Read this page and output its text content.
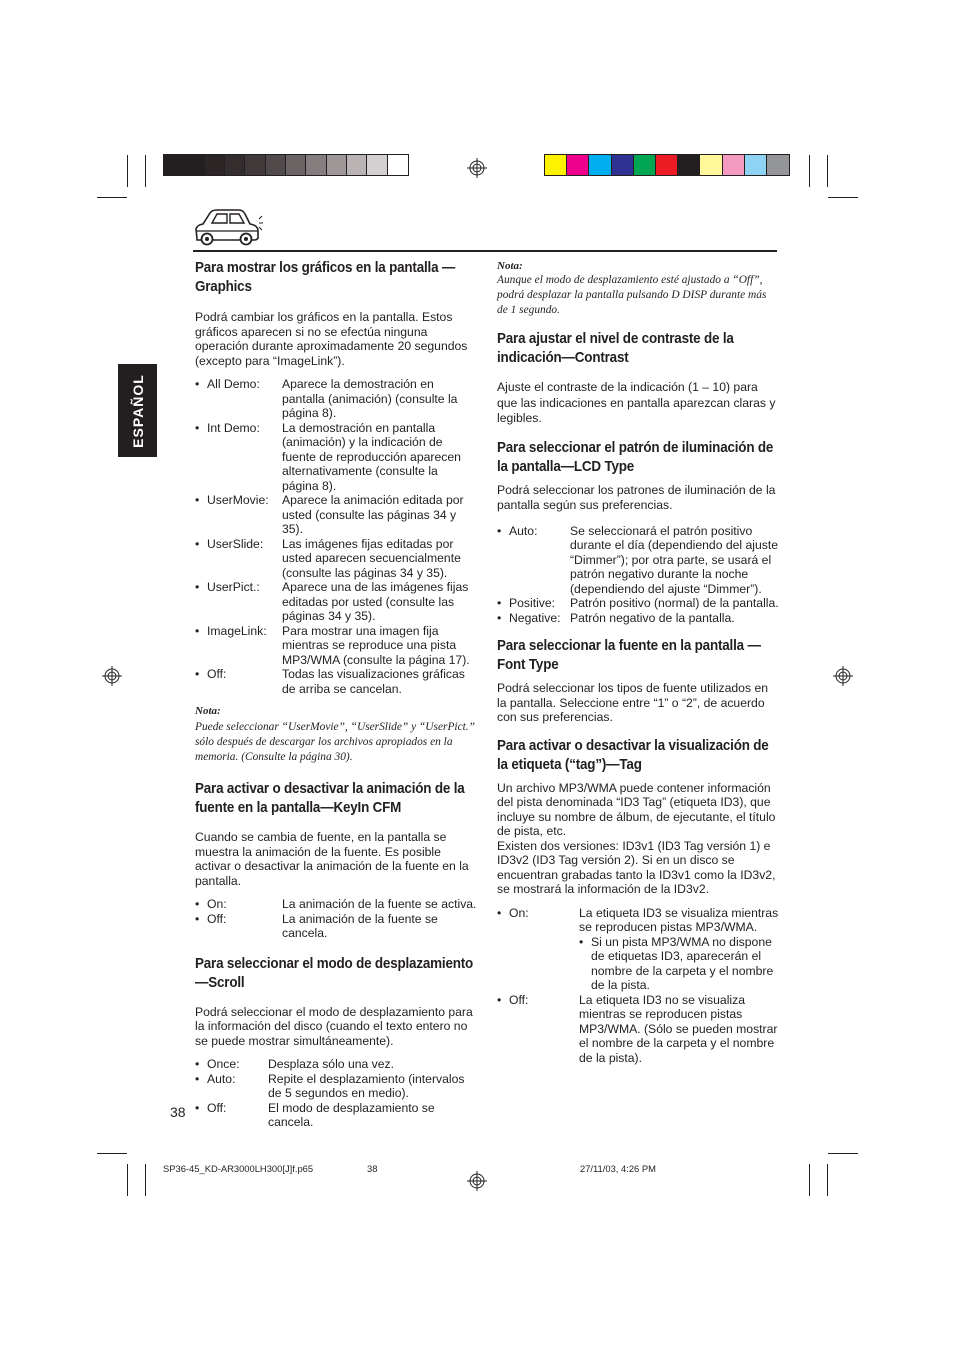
ESPAÑOL
Para mostrar los gráficos en la pantalla —Graphics

Podrá cambiar los gráficos en la pantalla. Estos gráficos aparecen si no se efectúa ninguna operación durante aproximadamente 20 segundos (excepto para “ImageLink”).

• All Demo:	Aparece la demostración en pantalla (animación) (consulte la página 8).
• Int Demo:	La demostración en pantalla (animación) y la indicación de fuente de reproducción aparecen alternativamente (consulte la página 8).
• UserMovie:	Aparece la animación editada por usted (consulte las páginas 34 y 35).
• UserSlide:	Las imágenes fijas editadas por usted aparecen secuencialmente (consulte las páginas 34 y 35).
• UserPict.:	Aparece una de las imágenes fijas editadas por usted (consulte las páginas 34 y 35).
• ImageLink:	Para mostrar una imagen fija mientras se reproduce una pista MP3/WMA (consulte la página 17).
• Off:	Todas las visualizaciones gráficas de arriba se cancelan.

Nota:

Puede seleccionar “UserMovie”, “UserSlide” y “UserPict.” sólo después de descargar los archivos apropiados en la memoria. (Consulte la página 30).

Para activar o desactivar la animación de la fuente en la pantalla—KeyIn CFM

Cuando se cambia de fuente, en la pantalla se muestra la animación de la fuente. Es posible activar o desactivar la animación de la fuente en la pantalla.

• On:	La animación de la fuente se activa.
• Off:	La animación de la fuente se cancela.
Para seleccionar el modo de desplazamiento—Scroll

Podrá seleccionar el modo de desplazamiento para la información del disco (cuando el texto entero no se puede mostrar simultáneamente).

• Once:	Desplaza sólo una vez.
• Auto:	Repite el desplazamiento (intervalos de 5 segundos en medio).
• Off:	El modo de desplazamiento se cancela.
38

Nota:

Aunque el modo de desplazamiento esté ajustado a “Off”, podrá desplazar la pantalla pulsando D DISP durante más de 1 segundo.

Para ajustar el nivel de contraste de la indicación—Contrast

Ajuste el contraste de la indicación (1 – 10) para que las indicaciones en pantalla aparezcan claras y legibles.

Para seleccionar el patrón de iluminación de la pantalla—LCD Type

Podrá seleccionar los patrones de iluminación de la pantalla según sus preferencias.

• Auto:	Se seleccionará el patrón positivo durante el día (dependiendo del ajuste “Dimmer”); por otra parte, se usará el patrón negativo durante la noche (dependiendo del ajuste “Dimmer”).
• Positive:	Patrón positivo (normal) de la pantalla.
• Negative: Patrón negativo de la pantalla.
Para seleccionar la fuente en la pantalla —Font Type

Podrá seleccionar los tipos de fuente utilizados en la pantalla. Seleccione entre “1” o “2”, de acuerdo con sus preferencias.

Para activar o desactivar la visualización de la etiqueta (“tag”)—Tag

Un archivo MP3/WMA puede contener información del pista denominada “ID3 Tag” (etiqueta ID3), que incluye su nombre de álbum, de ejecutante, el título de pista, etc.

Existen dos versiones: ID3v1 (ID3 Tag versión 1) e ID3v2 (ID3 Tag versión 2). Si en un disco se encuentran grabadas tanto la ID3v1 como la ID3v2, se mostrará la información de la ID3v2.

• On:	La etiqueta ID3 se visualiza mientras se reproducen pistas MP3/WMA.
• Si un pista MP3/WMA no dispone de etiquetas ID3, aparecerán el nombre de la carpeta y el nombre de la pista.
• Off:	La etiqueta ID3 no se visualiza mientras se reproducen pistas MP3/WMA. (Sólo se pueden mostrar el nombre de la carpeta y el nombre de la pista).
SP36-45_KD-AR3000LH300[J]f.p65	38	27/11/03, 4:26 PM
